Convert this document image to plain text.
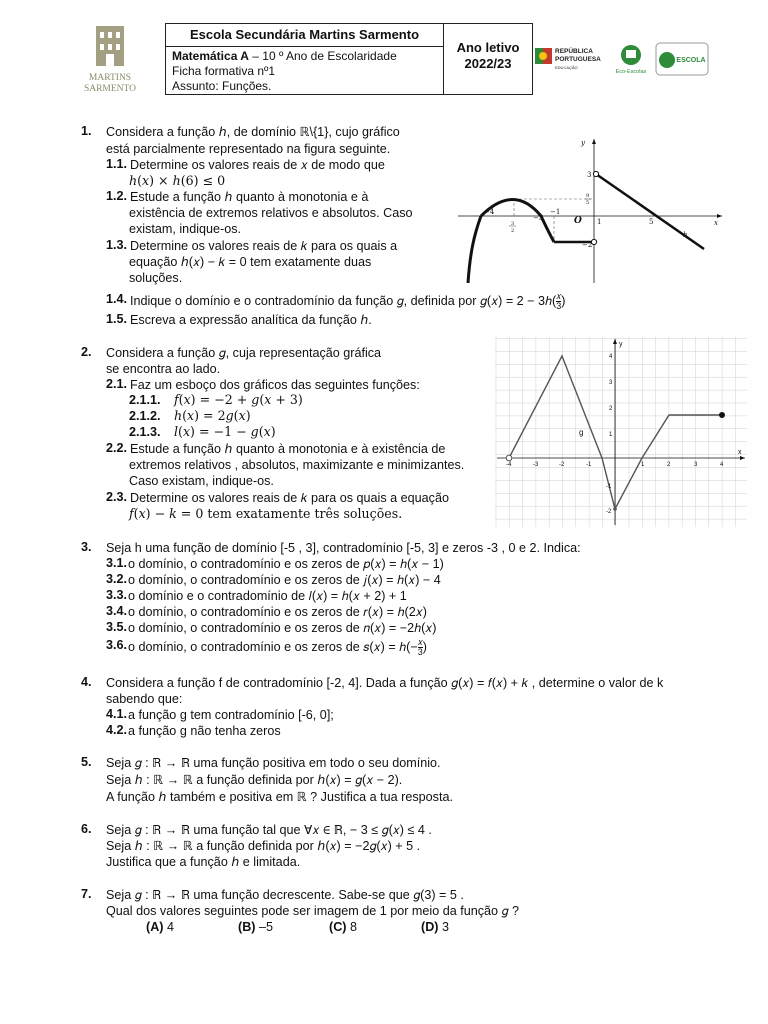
MARTINS
SARMENTO
Escola Secundária Martins Sarmento
Matemática A – 10 º Ano de Escolaridade
Ficha formativa nº1
Assunto: Funções.
Ano letivo
2022/23
REPÚBLICA
PORTUGUESA
EDUCAÇÃO
Eco-Escolas
ESCOLA
1. Considera a função ℎ, de domínio ℝ\{1}, cujo gráfico
está parcialmente representado na figura seguinte.
1.1. Determine os valores reais de 𝑥 de modo que
ℎ(𝑥) × ℎ(6) ≤ 0
1.2. Estude a função ℎ quanto à monotonia e à
existência de extremos relativos e absolutos. Caso
existam, indique-os.
1.3. Determine os valores reais de 𝑘 para os quais a
equação ℎ(𝑥) − 𝑘 = 0 tem exatamente duas
soluções.
1.4. Indique o domínio e o contradomínio da função 𝑔, definida por 𝑔(𝑥) = 2 − 3ℎ( $\frac{\text{𝑥}}{3}$ )
1.5. Escreva a expressão analítica da função ℎ.
y
x
O
h
3
9
5
1	5
−4
−3
3
2
−2
−1
2. Considera a função 𝑔, cuja representação gráfica
se encontra ao lado.
2.1. Faz um esboço dos gráficos das seguintes funções:
2.1.1. 𝑓(𝑥) = −2 + 𝑔(𝑥 + 3)
2.1.2. ℎ(𝑥) = 2𝑔(𝑥)
2.1.3. 𝑙(𝑥) = −1 − 𝑔(𝑥)
2.2. Estude a função ℎ quanto à monotonia e à existência de
extremos relativos , absolutos, maximizante e minimizantes.
Caso existam, indique-os.
2.3. Determine os valores reais de 𝑘 para os quais a equação
𝑓(𝑥) − 𝑘 = 0 tem exatamente três soluções.
y
x
g
-4	-3	-2	-1	1	2	3	4
4
3
2
1
-1
-2
3. Seja h uma função de domínio [-5 , 3], contradomínio [-5, 3] e zeros -3 , 0 e 2. Indica:
3.1. o domínio, o contradomínio e os zeros de 𝑝(𝑥) = ℎ(𝑥 − 1)
3.2. o domínio, o contradomínio e os zeros de 𝑗(𝑥) = ℎ(𝑥) − 4
3.3. o domínio e o contradomínio de 𝑙(𝑥) = ℎ(𝑥 + 2) + 1
3.4. o domínio, o contradomínio e os zeros de 𝑟(𝑥) = ℎ(2𝑥)
3.5. o domínio, o contradomínio e os zeros de 𝑛(𝑥) = −2ℎ(𝑥)
3.6. o domínio, o contradomínio e os zeros de 𝑠(𝑥) = ℎ(− $\frac{\text{𝑥}}{3}$ )
4. Considera a função f de contradomínio [-2, 4]. Dada a função 𝑔(𝑥) = 𝑓(𝑥) + 𝑘 , determine o valor de k
sabendo que:
4.1. a função g tem contradomínio [-6, 0];
4.2. a função g não tenha zeros
5. Seja 𝑔 : ℝ → ℝ uma função positiva em todo o seu domínio.
Seja ℎ : ℝ → ℝ a função definida por ℎ(𝑥) = 𝑔(𝑥 − 2).
A função ℎ também e positiva em ℝ ? Justifica a tua resposta.
6. Seja 𝑔 : ℝ → ℝ uma função tal que ∀𝑥 ∈ ℝ, − 3 ≤ 𝑔(𝑥) ≤ 4 .
Seja ℎ : ℝ → ℝ a função definida por ℎ(𝑥) = −2𝑔(𝑥) + 5 .
Justifica que a função ℎ e limitada.
7. Seja 𝑔 : ℝ → ℝ uma função decrescente. Sabe-se que 𝑔(3) = 5 .
Qual dos valores seguintes pode ser imagem de 1 por meio da função 𝑔 ?
(A) 4	(B) –5	(C) 8	(D) 3
